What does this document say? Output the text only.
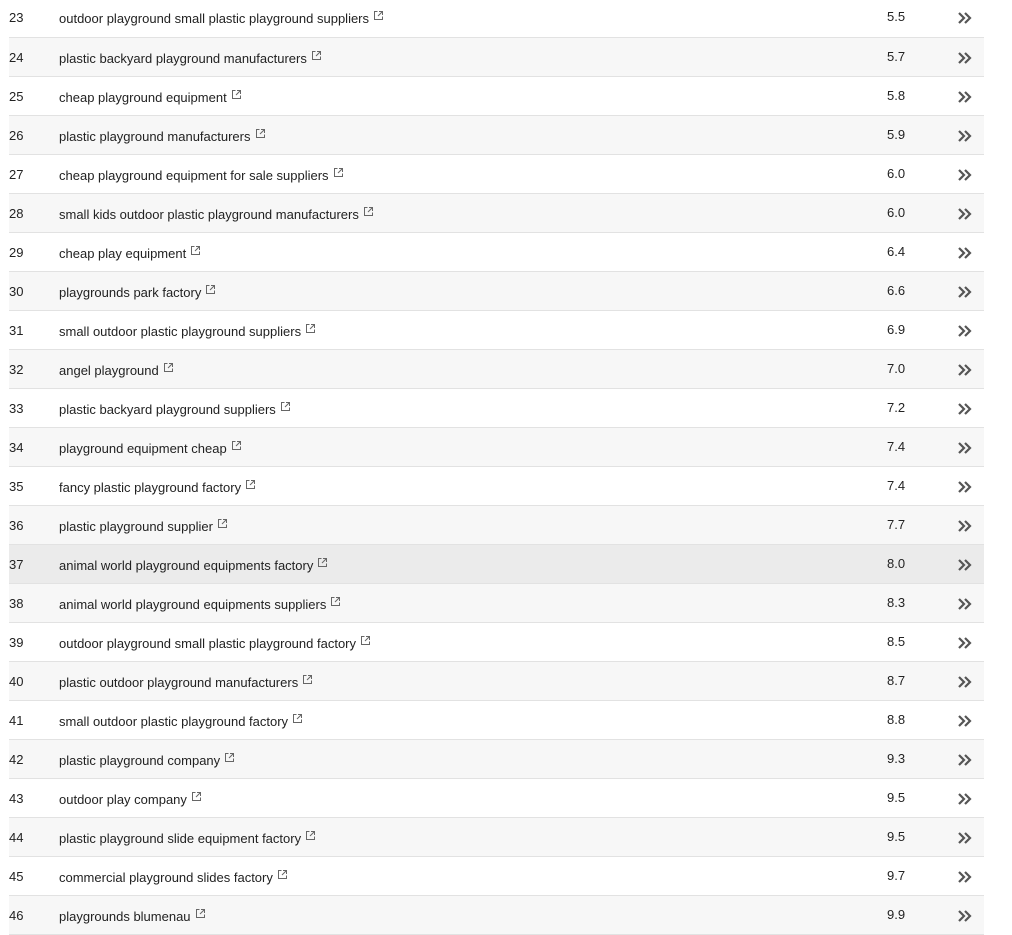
23	outdoor playground small plastic playground suppliers	5.5
24	plastic backyard playground manufacturers	5.7
25	cheap playground equipment	5.8
26	plastic playground manufacturers	5.9
27	cheap playground equipment for sale suppliers	6.0
28	small kids outdoor plastic playground manufacturers	6.0
29	cheap play equipment	6.4
30	playgrounds park factory	6.6
31	small outdoor plastic playground suppliers	6.9
32	angel playground	7.0
33	plastic backyard playground suppliers	7.2
34	playground equipment cheap	7.4
35	fancy plastic playground factory	7.4
36	plastic playground supplier	7.7
37	animal world playground equipments factory	8.0
38	animal world playground equipments suppliers	8.3
39	outdoor playground small plastic playground factory	8.5
40	plastic outdoor playground manufacturers	8.7
41	small outdoor plastic playground factory	8.8
42	plastic playground company	9.3
43	outdoor play company	9.5
44	plastic playground slide equipment factory	9.5
45	commercial playground slides factory	9.7
46	playgrounds blumenau	9.9
